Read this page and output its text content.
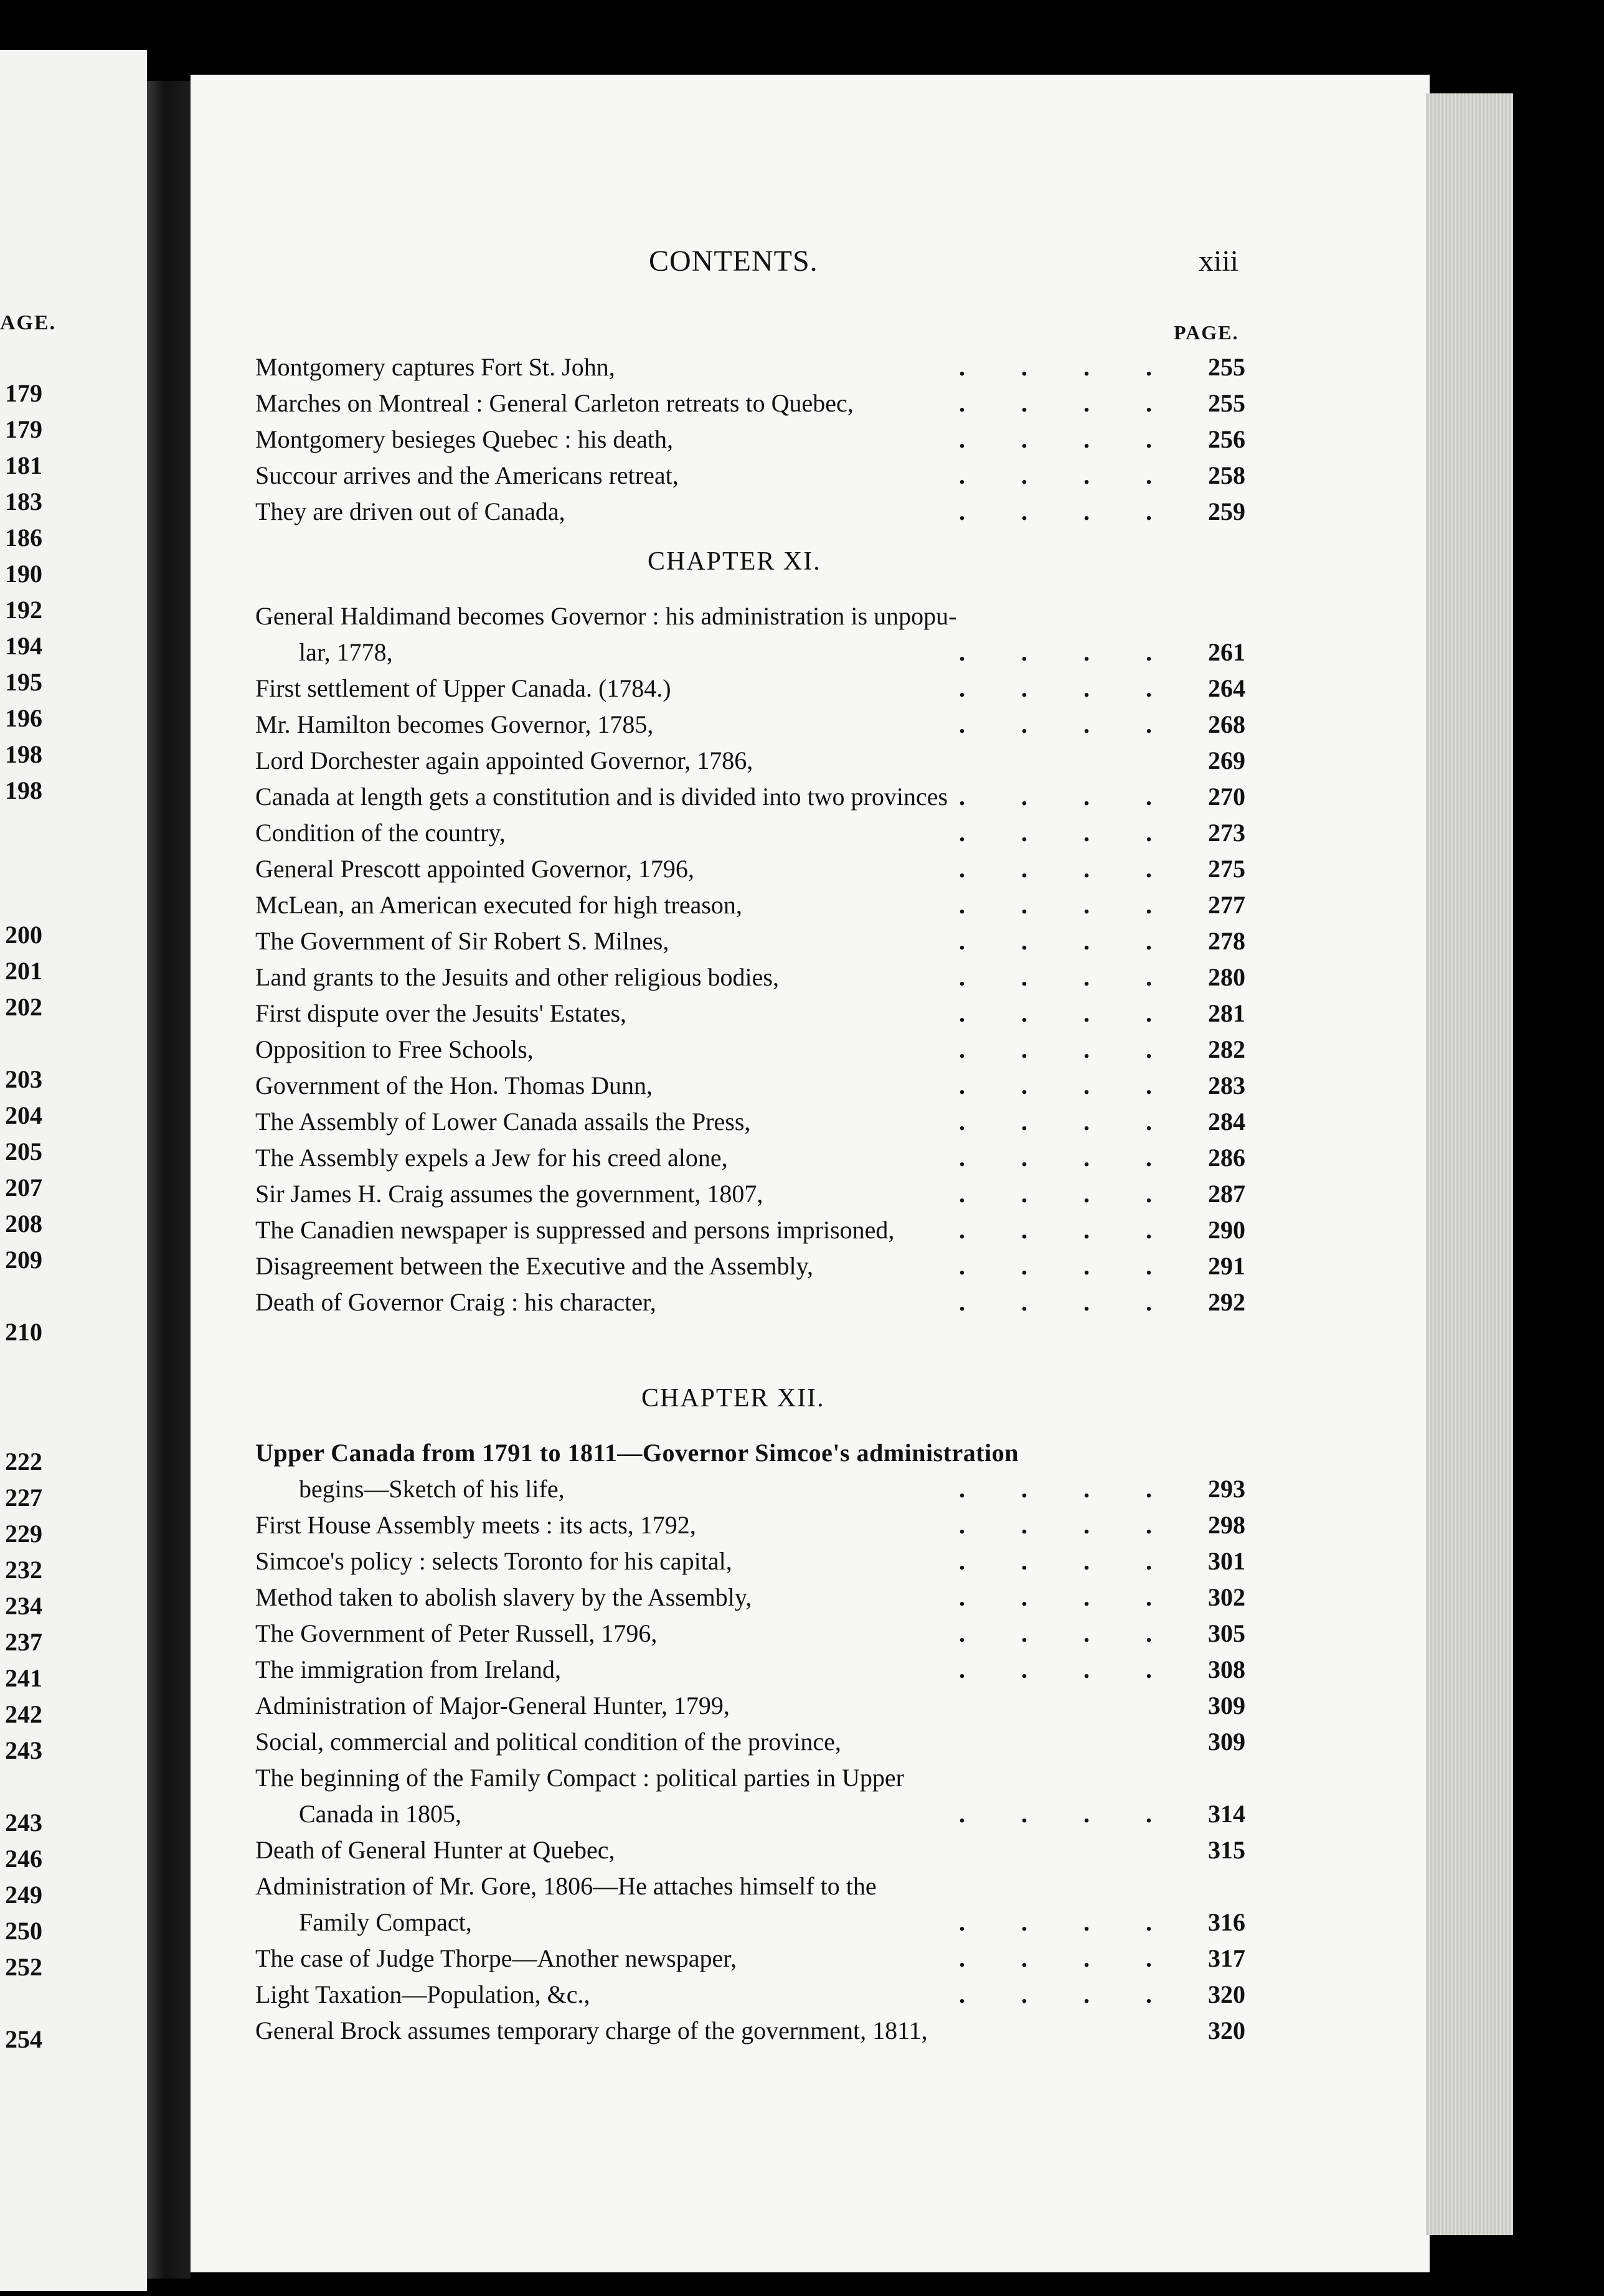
AGE.
179
179
181
183
186
190
192
194
195
196
198
198
200
201
202
203
204
205
207
208
209
210
222
227
229
232
234
237
241
242
243
243
246
249
250
252
254
CONTENTS.	xiii
PAGE.
Montgomery captures Fort St. John,	. . . . 255
Marches on Montreal : General Carleton retreats to Quebec,	. . . . 255
Montgomery besieges Quebec : his death,	. . . . 256
Succour arrives and the Americans retreat,	. . . . 258
They are driven out of Canada,	. . . . 259
CHAPTER XI.
General Haldimand becomes Governor : his administration is unpopu-
lar, 1778,	. . . . 261
First settlement of Upper Canada. (1784.)	. . . . 264
Mr. Hamilton becomes Governor, 1785,	. . . . 268
Lord Dorchester again appointed Governor, 1786,	269
Canada at length gets a constitution and is divided into two provinces . . . . 270
Condition of the country,	. . . . 273
General Prescott appointed Governor, 1796,	. . . . 275
McLean, an American executed for high treason,	. . . . 277
The Government of Sir Robert S. Milnes,	. . . . 278
Land grants to the Jesuits and other religious bodies,	. . . . 280
First dispute over the Jesuits' Estates,	. . . . 281
Opposition to Free Schools,	. . . . 282
Government of the Hon. Thomas Dunn,	. . . . 283
The Assembly of Lower Canada assails the Press,	. . . . 284
The Assembly expels a Jew for his creed alone,	. . . . 286
Sir James H. Craig assumes the government, 1807,	. . . . 287
The Canadien newspaper is suppressed and persons imprisoned,	. . . . 290
Disagreement between the Executive and the Assembly,	. . . . 291
Death of Governor Craig : his character,	. . . . 292
CHAPTER XII.
Upper Canada from 1791 to 1811—Governor Simcoe's administration
begins—Sketch of his life,	. . . . 293
First House Assembly meets : its acts, 1792,	. . . . 298
Simcoe's policy : selects Toronto for his capital,	. . . . 301
Method taken to abolish slavery by the Assembly,	. . . . 302
The Government of Peter Russell, 1796,	. . . . 305
The immigration from Ireland,	. . . . 308
Administration of Major-General Hunter, 1799,	309
Social, commercial and political condition of the province,	309
The beginning of the Family Compact : political parties in Upper
Canada in 1805,	. . . . 314
Death of General Hunter at Quebec,	315
Administration of Mr. Gore, 1806—He attaches himself to the
Family Compact,	. . . . 316
The case of Judge Thorpe—Another newspaper,	. . . . 317
Light Taxation—Population, &c.,	. . . . 320
General Brock assumes temporary charge of the government, 1811,	320
